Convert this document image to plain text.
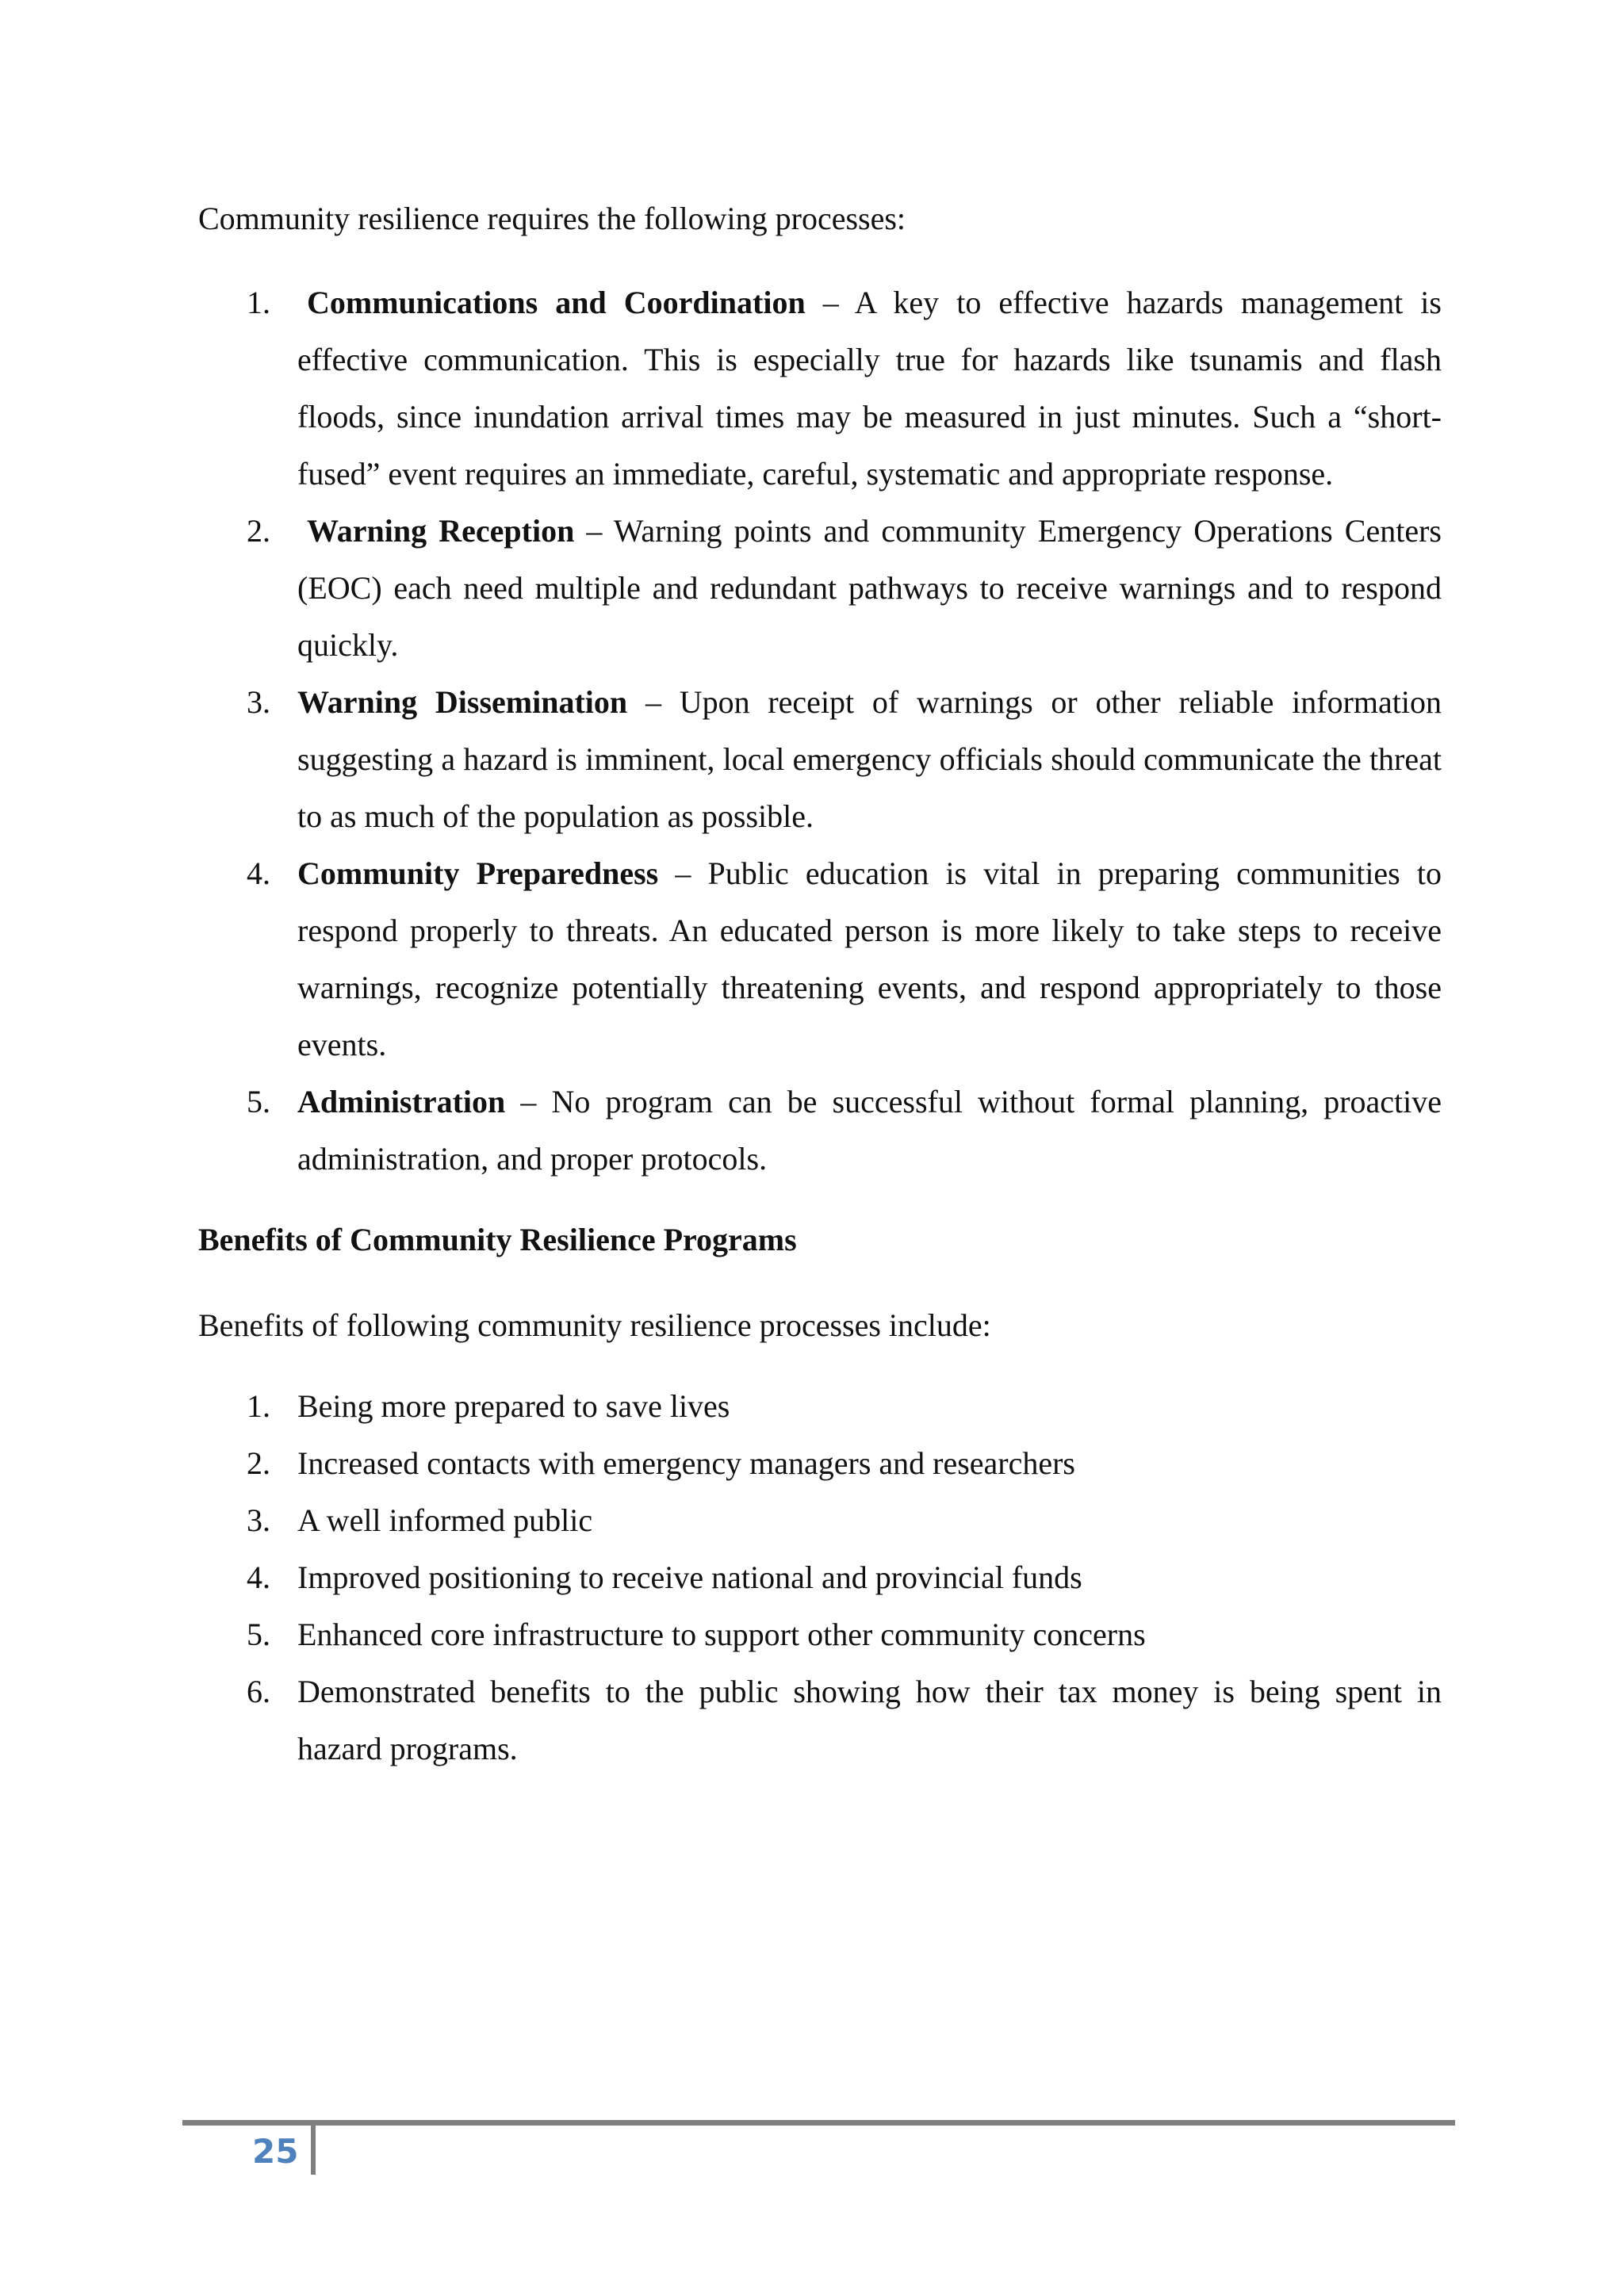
Community resilience requires the following processes:

1. Communications and Coordination – A key to effective hazards management is effective communication. This is especially true for hazards like tsunamis and flash floods, since inundation arrival times may be measured in just minutes. Such a “short-fused” event requires an immediate, careful, systematic and appropriate response.
2. Warning Reception – Warning points and community Emergency Operations Centers (EOC) each need multiple and redundant pathways to receive warnings and to respond quickly.
3. Warning Dissemination – Upon receipt of warnings or other reliable information suggesting a hazard is imminent, local emergency officials should communicate the threat to as much of the population as possible.
4. Community Preparedness – Public education is vital in preparing communities to respond properly to threats. An educated person is more likely to take steps to receive warnings, recognize potentially threatening events, and respond appropriately to those events.
5. Administration – No program can be successful without formal planning, proactive administration, and proper protocols.
Benefits of Community Resilience Programs

Benefits of following community resilience processes include:

1. Being more prepared to save lives
2. Increased contacts with emergency managers and researchers
3. A well informed public
4. Improved positioning to receive national and provincial funds
5. Enhanced core infrastructure to support other community concerns
6. Demonstrated benefits to the public showing how their tax money is being spent in hazard programs.
25
